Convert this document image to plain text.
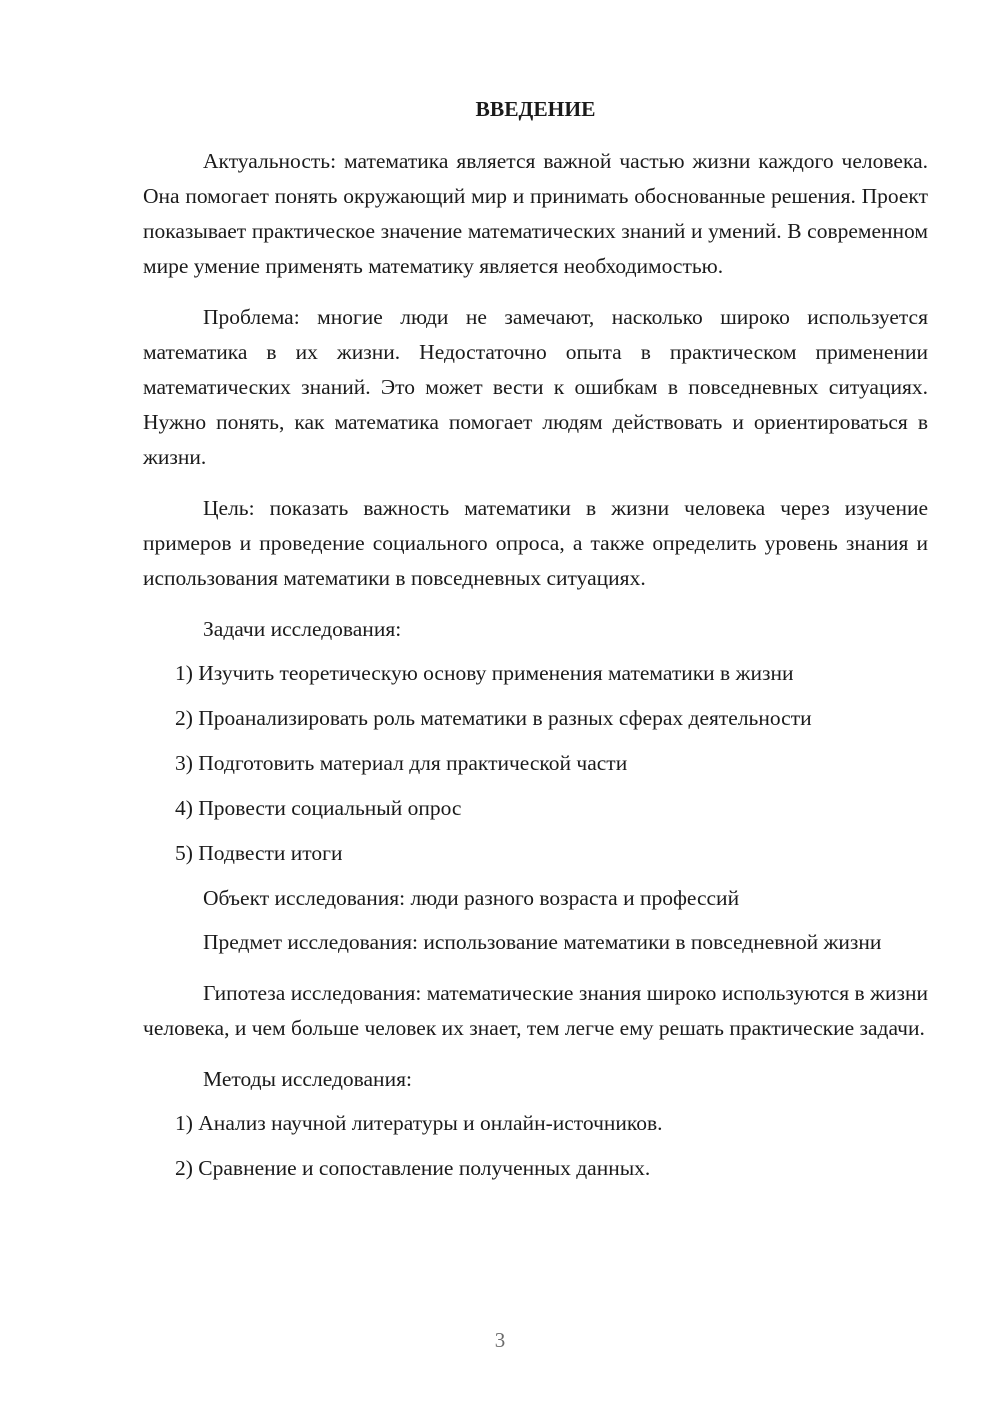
ВВЕДЕНИЕ

Актуальность: математика является важной частью жизни каждого человека. Она помогает понять окружающий мир и принимать обоснованные решения. Проект показывает практическое значение математических знаний и умений. В современном мире умение применять математику является необходимостью.

Проблема: многие люди не замечают, насколько широко используется математика в их жизни. Недостаточно опыта в практическом применении математических знаний. Это может вести к ошибкам в повседневных ситуациях. Нужно понять, как математика помогает людям действовать и ориентироваться в жизни.

Цель: показать важность математики в жизни человека через изучение примеров и проведение социального опроса, а также определить уровень знания и использования математики в повседневных ситуациях.

Задачи исследования:

1) Изучить теоретическую основу применения математики в жизни
2) Проанализировать роль математики в разных сферах деятельности
3) Подготовить материал для практической части
4) Провести социальный опрос
5) Подвести итоги

Объект исследования: люди разного возраста и профессий

Предмет исследования: использование математики в повседневной жизни

Гипотеза исследования: математические знания широко используются в жизни человека, и чем больше человек их знает, тем легче ему решать практические задачи.

Методы исследования:

1) Анализ научной литературы и онлайн-источников.
2) Сравнение и сопоставление полученных данных.
3
